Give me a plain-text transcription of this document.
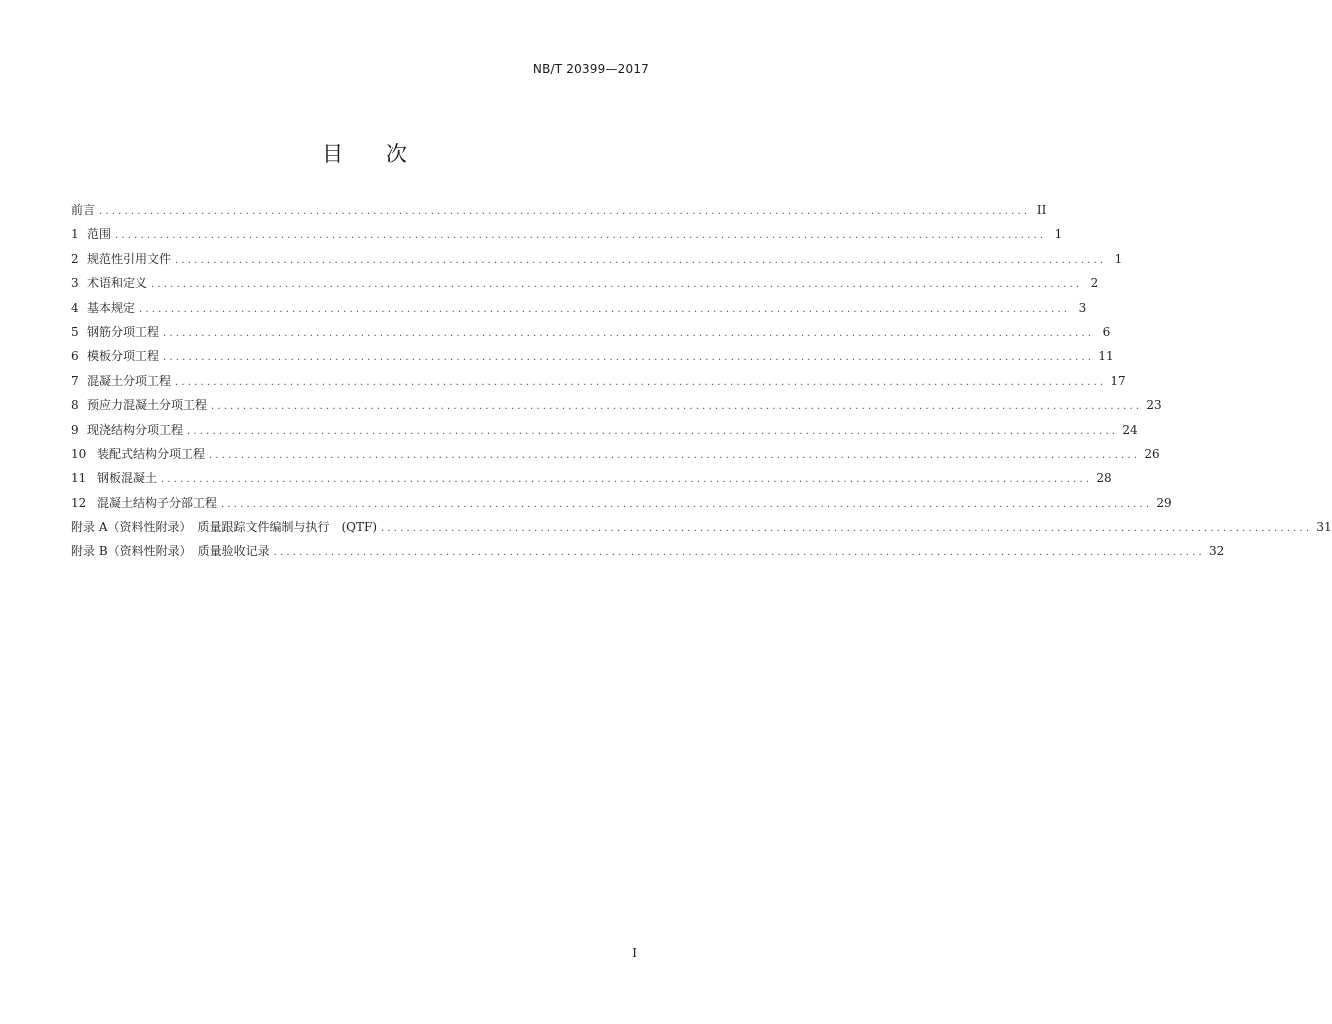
NB/T 20399—2017
目 次
前言 .................................................................................................................................................. II
1 范围 .................................................................................................................................................. 1
2 规范性引用文件 .................................................................................................................................................. 1
3 术语和定义 .................................................................................................................................................. 2
4 基本规定 .................................................................................................................................................. 3
5 钢筋分项工程 .................................................................................................................................................. 6
6 模板分项工程 .................................................................................................................................................. 11
7 混凝土分项工程 .................................................................................................................................................. 17
8 预应力混凝土分项工程 .................................................................................................................................................. 23
9 现浇结构分项工程 .................................................................................................................................................. 24
10 装配式结构分项工程 .................................................................................................................................................. 26
11 钢板混凝土 .................................................................................................................................................. 28
12 混凝土结构子分部工程 .................................................................................................................................................. 29
附录 A（资料性附录）　质量跟踪文件编制与执行　(QTF) .................................................................................................................................................. 31
附录 B（资料性附录）　质量验收记录 .................................................................................................................................................. 32
I
